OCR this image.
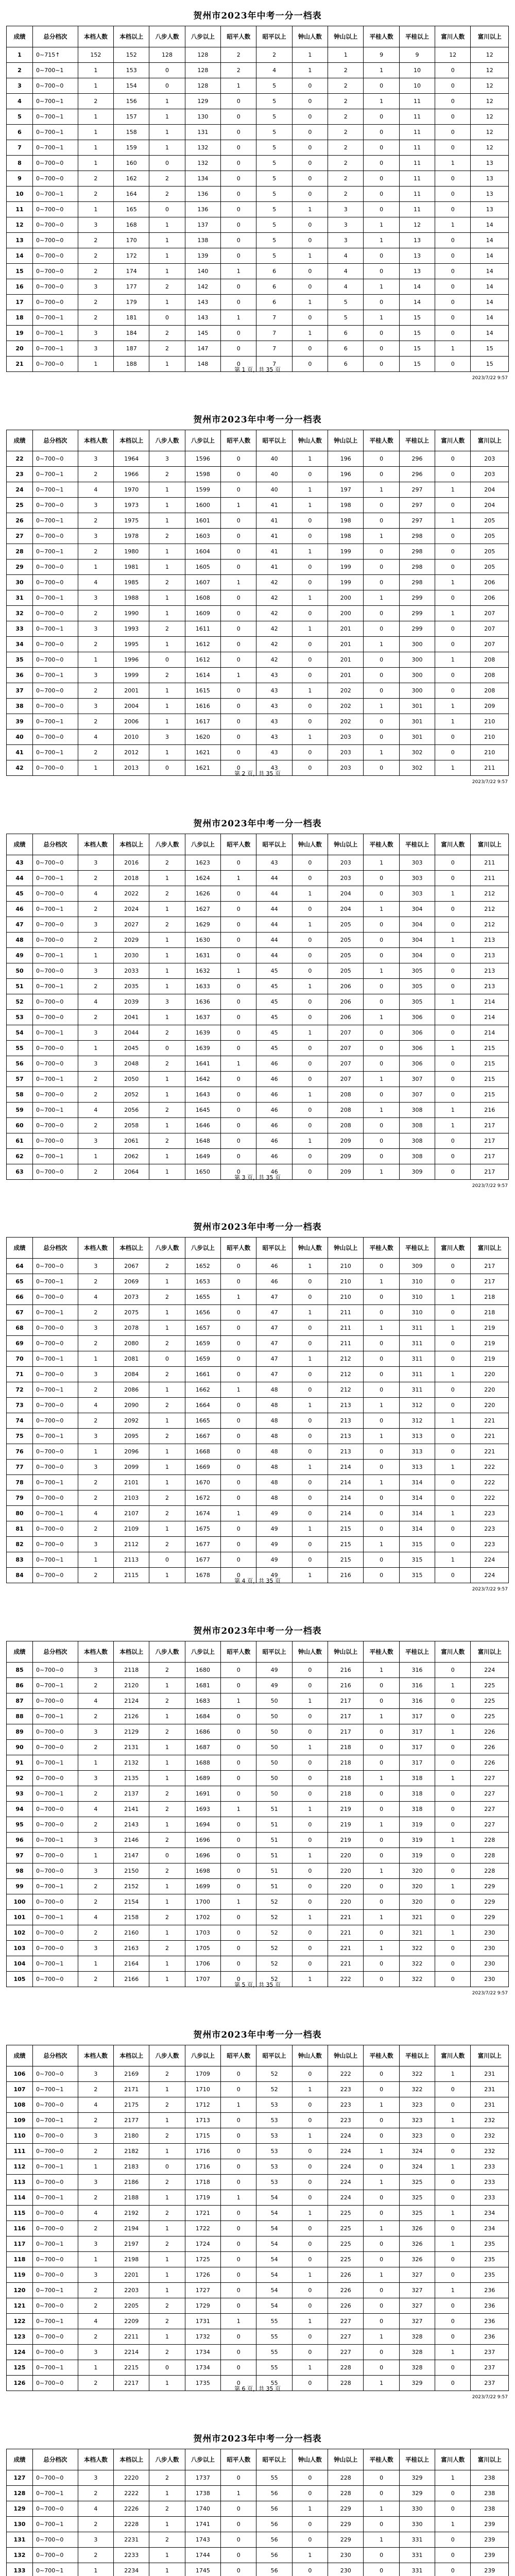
贺州市2023年中考一分一档表
成绩	总分档次	本档人数	本档以上	八步人数	八步以上	昭平人数	昭平以上	钟山人数	钟山以上	平桂人数	平桂以上	富川人数	富川以上
1	0~715↑	152	152	128	128	2	2	1	1	9	9	12	12
2	0~700~1	1	153	0	128	2	4	1	2	1	10	0	12
3	0~700~0	1	154	0	128	1	5	0	2	0	10	0	12
4	0~700~1	2	156	1	129	0	5	0	2	1	11	0	12
5	0~700~1	1	157	1	130	0	5	0	2	0	11	0	12
6	0~700~1	1	158	1	131	0	5	0	2	0	11	0	12
7	0~700~1	1	159	1	132	0	5	0	2	0	11	0	12
8	0~700~0	1	160	0	132	0	5	0	2	0	11	1	13
9	0~700~0	2	162	2	134	0	5	0	2	0	11	0	13
10	0~700~1	2	164	2	136	0	5	0	2	0	11	0	13
11	0~700~0	1	165	0	136	0	5	1	3	0	11	0	13
12	0~700~0	3	168	1	137	0	5	0	3	1	12	1	14
13	0~700~0	2	170	1	138	0	5	0	3	1	13	0	14
14	0~700~0	2	172	1	139	0	5	1	4	0	13	0	14
15	0~700~0	2	174	1	140	1	6	0	4	0	13	0	14
16	0~700~0	3	177	2	142	0	6	0	4	1	14	0	14
17	0~700~0	2	179	1	143	0	6	1	5	0	14	0	14
18	0~700~1	2	181	0	143	1	7	0	5	1	15	0	14
19	0~700~1	3	184	2	145	0	7	1	6	0	15	0	14
20	0~700~1	3	187	2	147	0	7	0	6	0	15	1	15
21	0~700~0	1	188	1	148	0	7	0	6	0	15	0	15
第 1 页，共 35 页
2023/7/22 9:57
贺州市2023年中考一分一档表
成绩	总分档次	本档人数	本档以上	八步人数	八步以上	昭平人数	昭平以上	钟山人数	钟山以上	平桂人数	平桂以上	富川人数	富川以上
22	0~700~0	3	1964	3	1596	0	40	1	196	0	296	0	203
23	0~700~1	2	1966	2	1598	0	40	0	196	0	296	0	203
24	0~700~1	4	1970	1	1599	0	40	1	197	1	297	1	204
25	0~700~0	3	1973	1	1600	1	41	1	198	0	297	0	204
26	0~700~1	2	1975	1	1601	0	41	0	198	0	297	1	205
27	0~700~0	3	1978	2	1603	0	41	0	198	1	298	0	205
28	0~700~1	2	1980	1	1604	0	41	1	199	0	298	0	205
29	0~700~0	1	1981	1	1605	0	41	0	199	0	298	0	205
30	0~700~0	4	1985	2	1607	1	42	0	199	0	298	1	206
31	0~700~1	3	1988	1	1608	0	42	1	200	1	299	0	206
32	0~700~0	2	1990	1	1609	0	42	0	200	0	299	1	207
33	0~700~1	3	1993	2	1611	0	42	1	201	0	299	0	207
34	0~700~0	2	1995	1	1612	0	42	0	201	1	300	0	207
35	0~700~0	1	1996	0	1612	0	42	0	201	0	300	1	208
36	0~700~1	3	1999	2	1614	1	43	0	201	0	300	0	208
37	0~700~0	2	2001	1	1615	0	43	1	202	0	300	0	208
38	0~700~0	3	2004	1	1616	0	43	0	202	1	301	1	209
39	0~700~1	2	2006	1	1617	0	43	0	202	0	301	1	210
40	0~700~0	4	2010	3	1620	0	43	1	203	0	301	0	210
41	0~700~1	2	2012	1	1621	0	43	0	203	1	302	0	210
42	0~700~0	1	2013	0	1621	0	43	0	203	0	302	1	211
第 2 页，共 35 页
2023/7/22 9:57
贺州市2023年中考一分一档表
成绩	总分档次	本档人数	本档以上	八步人数	八步以上	昭平人数	昭平以上	钟山人数	钟山以上	平桂人数	平桂以上	富川人数	富川以上
43	0~700~0	3	2016	2	1623	0	43	0	203	1	303	0	211
44	0~700~1	2	2018	1	1624	1	44	0	203	0	303	0	211
45	0~700~0	4	2022	2	1626	0	44	1	204	0	303	1	212
46	0~700~1	2	2024	1	1627	0	44	0	204	1	304	0	212
47	0~700~0	3	2027	2	1629	0	44	1	205	0	304	0	212
48	0~700~0	2	2029	1	1630	0	44	0	205	0	304	1	213
49	0~700~1	1	2030	1	1631	0	44	0	205	0	304	0	213
50	0~700~0	3	2033	1	1632	1	45	0	205	1	305	0	213
51	0~700~1	2	2035	1	1633	0	45	1	206	0	305	0	213
52	0~700~0	4	2039	3	1636	0	45	0	206	0	305	1	214
53	0~700~0	2	2041	1	1637	0	45	0	206	1	306	0	214
54	0~700~1	3	2044	2	1639	0	45	1	207	0	306	0	214
55	0~700~0	1	2045	0	1639	0	45	0	207	0	306	1	215
56	0~700~0	3	2048	2	1641	1	46	0	207	0	306	0	215
57	0~700~1	2	2050	1	1642	0	46	0	207	1	307	0	215
58	0~700~0	2	2052	1	1643	0	46	1	208	0	307	0	215
59	0~700~1	4	2056	2	1645	0	46	0	208	1	308	1	216
60	0~700~0	2	2058	1	1646	0	46	0	208	0	308	1	217
61	0~700~0	3	2061	2	1648	0	46	1	209	0	308	0	217
62	0~700~1	1	2062	1	1649	0	46	0	209	0	308	0	217
63	0~700~0	2	2064	1	1650	0	46	0	209	1	309	0	217
第 3 页，共 35 页
2023/7/22 9:57
贺州市2023年中考一分一档表
成绩	总分档次	本档人数	本档以上	八步人数	八步以上	昭平人数	昭平以上	钟山人数	钟山以上	平桂人数	平桂以上	富川人数	富川以上
64	0~700~0	3	2067	2	1652	0	46	1	210	0	309	0	217
65	0~700~1	2	2069	1	1653	0	46	0	210	1	310	0	217
66	0~700~0	4	2073	2	1655	1	47	0	210	0	310	1	218
67	0~700~1	2	2075	1	1656	0	47	1	211	0	310	0	218
68	0~700~0	3	2078	1	1657	0	47	0	211	1	311	1	219
69	0~700~0	2	2080	2	1659	0	47	0	211	0	311	0	219
70	0~700~1	1	2081	0	1659	0	47	1	212	0	311	0	219
71	0~700~0	3	2084	2	1661	0	47	0	212	0	311	1	220
72	0~700~1	2	2086	1	1662	1	48	0	212	0	311	0	220
73	0~700~0	4	2090	2	1664	0	48	1	213	1	312	0	220
74	0~700~0	2	2092	1	1665	0	48	0	213	0	312	1	221
75	0~700~1	3	2095	2	1667	0	48	0	213	1	313	0	221
76	0~700~0	1	2096	1	1668	0	48	0	213	0	313	0	221
77	0~700~0	3	2099	1	1669	0	48	1	214	0	313	1	222
78	0~700~1	2	2101	1	1670	0	48	0	214	1	314	0	222
79	0~700~0	2	2103	2	1672	0	48	0	214	0	314	0	222
80	0~700~1	4	2107	2	1674	1	49	0	214	0	314	1	223
81	0~700~0	2	2109	1	1675	0	49	1	215	0	314	0	223
82	0~700~0	3	2112	2	1677	0	49	0	215	1	315	0	223
83	0~700~1	1	2113	0	1677	0	49	0	215	0	315	1	224
84	0~700~0	2	2115	1	1678	0	49	1	216	0	315	0	224
第 4 页，共 35 页
2023/7/22 9:57
贺州市2023年中考一分一档表
成绩	总分档次	本档人数	本档以上	八步人数	八步以上	昭平人数	昭平以上	钟山人数	钟山以上	平桂人数	平桂以上	富川人数	富川以上
85	0~700~0	3	2118	2	1680	0	49	0	216	1	316	0	224
86	0~700~1	2	2120	1	1681	0	49	0	216	0	316	1	225
87	0~700~0	4	2124	2	1683	1	50	1	217	0	316	0	225
88	0~700~1	2	2126	1	1684	0	50	0	217	1	317	0	225
89	0~700~0	3	2129	2	1686	0	50	0	217	0	317	1	226
90	0~700~0	2	2131	1	1687	0	50	1	218	0	317	0	226
91	0~700~1	1	2132	1	1688	0	50	0	218	0	317	0	226
92	0~700~0	3	2135	1	1689	0	50	0	218	1	318	1	227
93	0~700~1	2	2137	2	1691	0	50	0	218	0	318	0	227
94	0~700~0	4	2141	2	1693	1	51	1	219	0	318	0	227
95	0~700~0	2	2143	1	1694	0	51	0	219	1	319	0	227
96	0~700~1	3	2146	2	1696	0	51	0	219	0	319	1	228
97	0~700~0	1	2147	0	1696	0	51	1	220	0	319	0	228
98	0~700~0	3	2150	2	1698	0	51	0	220	1	320	0	228
99	0~700~1	2	2152	1	1699	0	51	0	220	0	320	1	229
100	0~700~0	2	2154	1	1700	1	52	0	220	0	320	0	229
101	0~700~1	4	2158	2	1702	0	52	1	221	1	321	0	229
102	0~700~0	2	2160	1	1703	0	52	0	221	0	321	1	230
103	0~700~0	3	2163	2	1705	0	52	0	221	1	322	0	230
104	0~700~1	1	2164	1	1706	0	52	0	221	0	322	0	230
105	0~700~0	2	2166	1	1707	0	52	1	222	0	322	0	230
第 5 页，共 35 页
2023/7/22 9:57
贺州市2023年中考一分一档表
成绩	总分档次	本档人数	本档以上	八步人数	八步以上	昭平人数	昭平以上	钟山人数	钟山以上	平桂人数	平桂以上	富川人数	富川以上
106	0~700~0	3	2169	2	1709	0	52	0	222	0	322	1	231
107	0~700~1	2	2171	1	1710	0	52	1	223	0	322	0	231
108	0~700~0	4	2175	2	1712	1	53	0	223	1	323	0	231
109	0~700~1	2	2177	1	1713	0	53	0	223	0	323	1	232
110	0~700~0	3	2180	2	1715	0	53	1	224	0	323	0	232
111	0~700~0	2	2182	1	1716	0	53	0	224	1	324	0	232
112	0~700~1	1	2183	0	1716	0	53	0	224	0	324	1	233
113	0~700~0	3	2186	2	1718	0	53	0	224	1	325	0	233
114	0~700~1	2	2188	1	1719	1	54	0	224	0	325	0	233
115	0~700~0	4	2192	2	1721	0	54	1	225	0	325	1	234
116	0~700~0	2	2194	1	1722	0	54	0	225	1	326	0	234
117	0~700~1	3	2197	2	1724	0	54	0	225	0	326	1	235
118	0~700~0	1	2198	1	1725	0	54	0	225	0	326	0	235
119	0~700~0	3	2201	1	1726	0	54	1	226	1	327	0	235
120	0~700~1	2	2203	1	1727	0	54	0	226	0	327	1	236
121	0~700~0	2	2205	2	1729	0	54	0	226	0	327	0	236
122	0~700~1	4	2209	2	1731	1	55	1	227	0	327	0	236
123	0~700~0	2	2211	1	1732	0	55	0	227	1	328	0	236
124	0~700~0	3	2214	2	1734	0	55	0	227	0	328	1	237
125	0~700~1	1	2215	0	1734	0	55	1	228	0	328	0	237
126	0~700~0	2	2217	1	1735	0	55	0	228	1	329	0	237
第 6 页，共 35 页
2023/7/22 9:57
贺州市2023年中考一分一档表
成绩	总分档次	本档人数	本档以上	八步人数	八步以上	昭平人数	昭平以上	钟山人数	钟山以上	平桂人数	平桂以上	富川人数	富川以上
127	0~700~0	3	2220	2	1737	0	55	0	228	0	329	1	238
128	0~700~1	2	2222	1	1738	1	56	0	228	0	329	0	238
129	0~700~0	4	2226	2	1740	0	56	1	229	1	330	0	238
130	0~700~1	2	2228	1	1741	0	56	0	229	0	330	1	239
131	0~700~0	3	2231	2	1743	0	56	0	229	1	331	0	239
132	0~700~0	2	2233	1	1744	0	56	1	230	0	331	0	239
133	0~700~1	1	2234	1	1745	0	56	0	230	0	331	0	239
